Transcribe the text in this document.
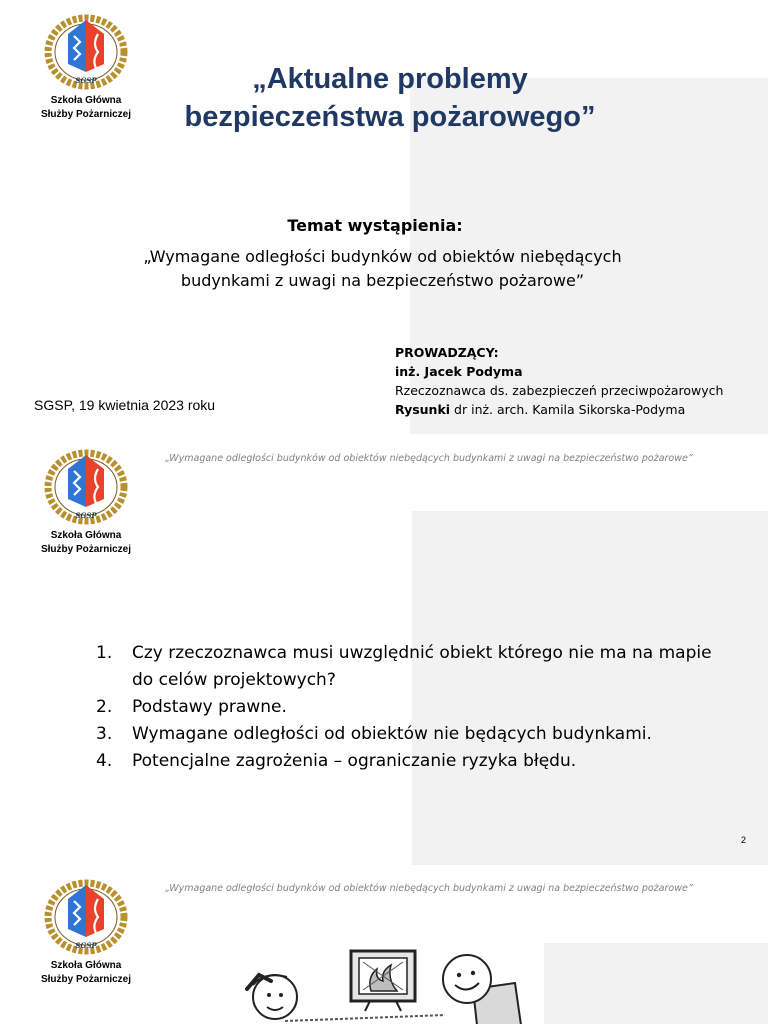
SGSP
Szkoła Główna
Służby Pożarniczej
„Aktualne problemy
bezpieczeństwa pożarowego”
Temat wystąpienia:
„Wymagane odległości budynków od obiektów niebędących
budynkami z uwagi na bezpieczeństwo pożarowe”
PROWADZĄCY:
inż. Jacek Podyma
Rzeczoznawca ds. zabezpieczeń przeciwpożarowych
Rysunki dr inż. arch. Kamila Sikorska-Podyma
SGSP, 19 kwietnia 2023 roku
SGSP
Szkoła Główna
Służby Pożarniczej
„Wymagane odległości budynków od obiektów niebędących budynkami z uwagi na bezpieczeństwo pożarowe”
1.	Czy rzeczoznawca musi uwzględnić obiekt którego nie ma na mapie do celów projektowych?
2.	Podstawy prawne.
3.	Wymagane odległości od obiektów nie będących budynkami.
4.	Potencjalne zagrożenia – ograniczanie ryzyka błędu.
2
SGSP
Szkoła Główna
Służby Pożarniczej
„Wymagane odległości budynków od obiektów niebędących budynkami z uwagi na bezpieczeństwo pożarowe”
